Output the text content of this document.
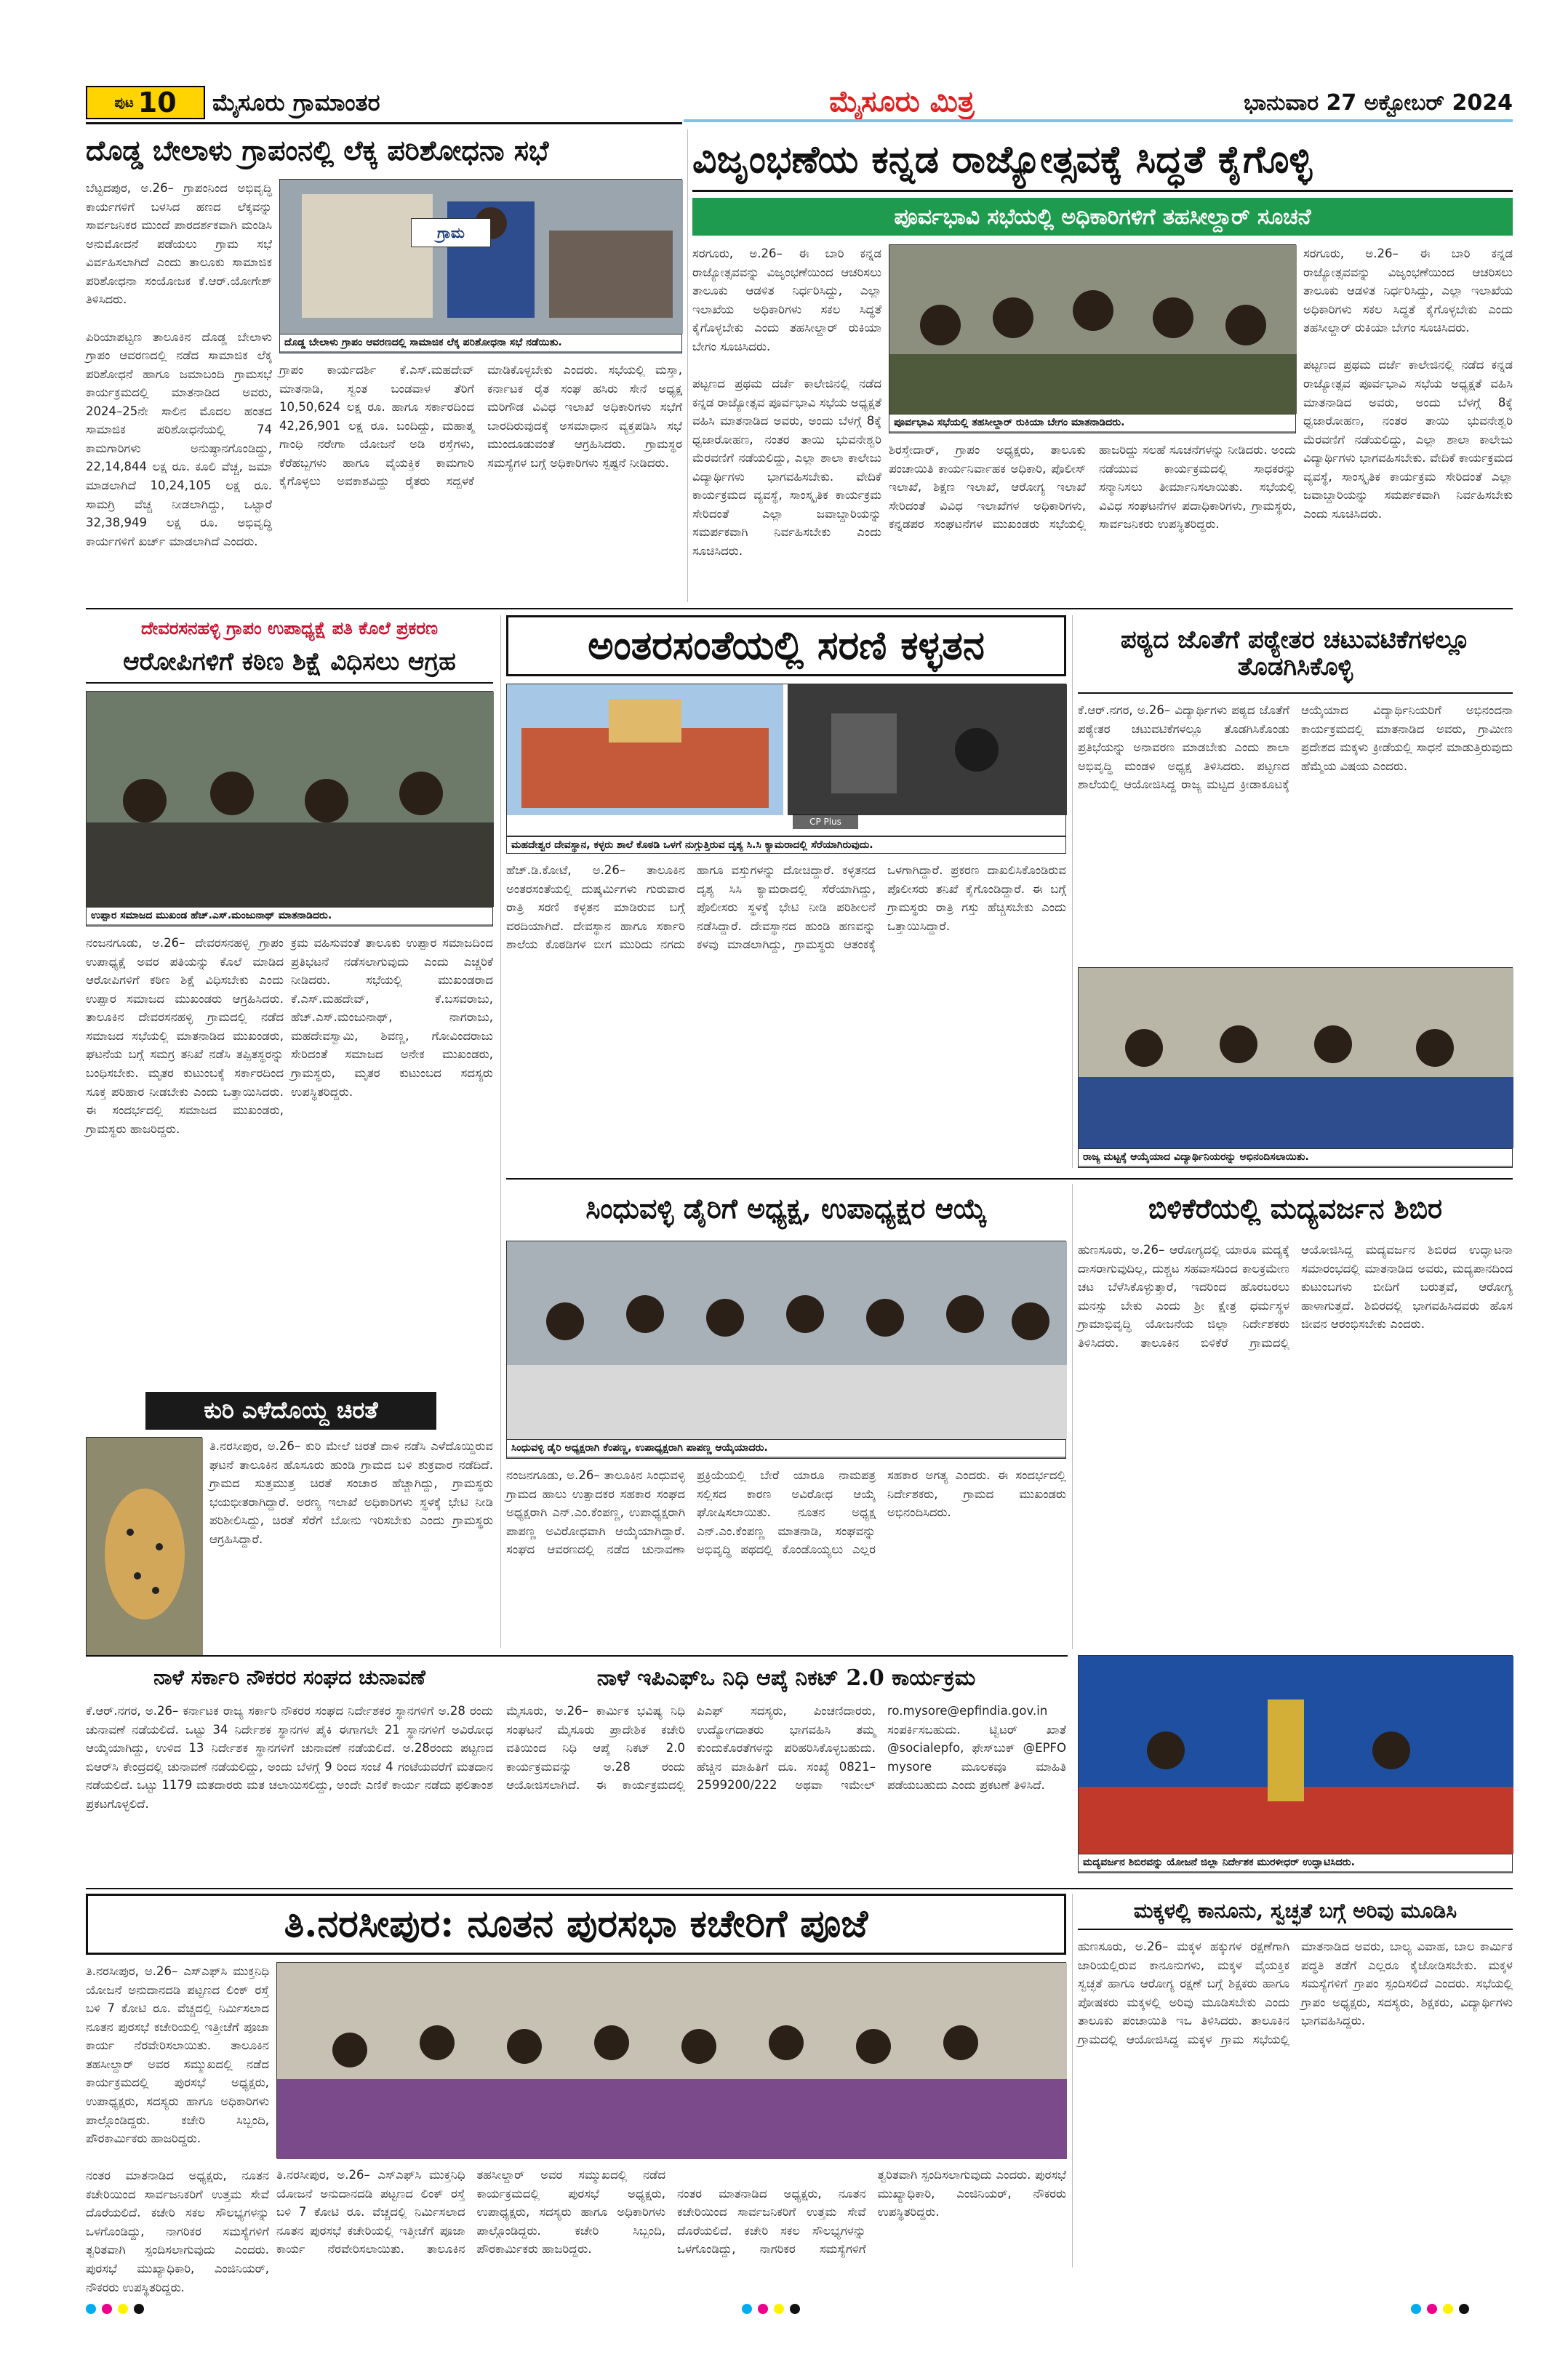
ಪುಟ 10 ಮೈಸೂರು ಗ್ರಾಮಾಂತರ	ಮೈಸೂರು ಮಿತ್ರ	ಭಾನುವಾರ 27 ಅಕ್ಟೋಬರ್ 2024
ದೊಡ್ಡ ಬೇಲಾಳು ಗ್ರಾಪಂನಲ್ಲಿ ಲೆಕ್ಕ ಪರಿಶೋಧನಾ ಸಭೆ
ಬೆಟ್ಟದಪುರ, ಅ.26– ಗ್ರಾಪಂನಿಂದ ಅಭಿವೃದ್ಧಿ ಕಾರ್ಯಗಳಿಗೆ ಬಳಸಿದ ಹಣದ ಲೆಕ್ಕವನ್ನು ಸಾರ್ವಜನಿಕರ ಮುಂದೆ ಪಾರದರ್ಶಕವಾಗಿ ಮಂಡಿಸಿ ಅನುಮೋದನೆ ಪಡೆಯಲು ಗ್ರಾಮ ಸಭೆ ವಿರ್ವಹಿಸಲಾಗಿದೆ ಎಂದು ತಾಲೂಕು ಸಾಮಾಜಿಕ ಪರಿಶೋಧನಾ ಸಂಯೋಜಕ ಕೆ.ಆರ್.ಯೋಗೇಶ್ ತಿಳಿಸಿದರು.

ಪಿರಿಯಾಪಟ್ಟಣ ತಾಲೂಕಿನ ದೊಡ್ಡ ಬೇಲಾಳು ಗ್ರಾಪಂ ಆವರಣದಲ್ಲಿ ನಡೆದ ಸಾಮಾಜಿಕ ಲೆಕ್ಕ ಪರಿಶೋಧನೆ ಹಾಗೂ ಜಮಾಬಂದಿ ಗ್ರಾಮಸಭೆ ಕಾರ್ಯಕ್ರಮದಲ್ಲಿ ಮಾತನಾಡಿದ ಅವರು, 2024–25ನೇ ಸಾಲಿನ ಮೊದಲ ಹಂತದ ಸಾಮಾಜಿಕ ಪರಿಶೋಧನೆಯಲ್ಲಿ 74 ಕಾಮಗಾರಿಗಳು ಅನುಷ್ಠಾನಗೊಂಡಿದ್ದು, 22,14,844 ಲಕ್ಷ ರೂ. ಕೂಲಿ ವೆಚ್ಚ, ಜಮಾ ಮಾಡಲಾಗಿದೆ 10,24,105 ಲಕ್ಷ ರೂ. ಸಾಮಗ್ರಿ ವೆಚ್ಚ ನೀಡಲಾಗಿದ್ದು, ಒಟ್ಟಾರೆ 32,38,949 ಲಕ್ಷ ರೂ. ಅಭಿವೃದ್ಧಿ ಕಾರ್ಯಗಳಿಗೆ ಖರ್ಚ್ ಮಾಡಲಾಗಿದೆ ಎಂದರು.
ದೊಡ್ಡ ಬೇಲಾಳು ಗ್ರಾಪಂ ಆವರಣದಲ್ಲಿ ಸಾಮಾಜಿಕ ಲೆಕ್ಕ ಪರಿಶೋಧನಾ ಸಭೆ ನಡೆಯಿತು.
ಗ್ರಾಮ
ಗ್ರಾಪಂ ಕಾರ್ಯದರ್ಶಿ ಕೆ.ಎಸ್.ಮಹದೇವ್ ಮಾತನಾಡಿ, ಸ್ವಂತ ಬಂಡವಾಳ ತೆರಿಗೆ 10,50,624 ಲಕ್ಷ ರೂ. ಹಾಗೂ ಸರ್ಕಾರದಿಂದ 42,26,901 ಲಕ್ಷ ರೂ. ಬಂದಿದ್ದು, ಮಹಾತ್ಮ ಗಾಂಧಿ ನರೇಗಾ ಯೋಜನೆ ಅಡಿ ರಸ್ತೆಗಳು, ಕೆರೆಹಬ್ಬಗಳು ಹಾಗೂ ವೈಯಕ್ತಿಕ ಕಾಮಗಾರಿ ಕೈಗೊಳ್ಳಲು ಅವಕಾಶವಿದ್ದು ರೈತರು ಸದ್ಬಳಕೆ ಮಾಡಿಕೊಳ್ಳಬೇಕು ಎಂದರು. ಸಭೆಯಲ್ಲಿ ಮಸ್ತಾ, ಕರ್ನಾಟಕ ರೈತ ಸಂಘ ಹಸಿರು ಸೇನೆ ಅಧ್ಯಕ್ಷ ಮರಿಗೌಡ ವಿವಿಧ ಇಲಾಖೆ ಅಧಿಕಾರಿಗಳು ಸಭೆಗೆ ಬಾರದಿರುವುದಕ್ಕೆ ಅಸಮಾಧಾನ ವ್ಯಕ್ತಪಡಿಸಿ ಸಭೆ ಮುಂದೂಡುವಂತೆ ಆಗ್ರಹಿಸಿದರು. ಗ್ರಾಮಸ್ಥರ ಸಮಸ್ಯೆಗಳ ಬಗ್ಗೆ ಅಧಿಕಾರಿಗಳು ಸ್ಪಷ್ಟನೆ ನೀಡಿದರು.
ವಿಜೃಂಭಣೆಯ ಕನ್ನಡ ರಾಜ್ಯೋತ್ಸವಕ್ಕೆ ಸಿದ್ಧತೆ ಕೈಗೊಳ್ಳಿ
ಪೂರ್ವಭಾವಿ ಸಭೆಯಲ್ಲಿ ಅಧಿಕಾರಿಗಳಿಗೆ ತಹಸೀಲ್ದಾರ್ ಸೂಚನೆ
ಸರಗೂರು, ಅ.26– ಈ ಬಾರಿ ಕನ್ನಡ ರಾಜ್ಯೋತ್ಸವವನ್ನು ವಿಜೃಂಭಣೆಯಿಂದ ಆಚರಿಸಲು ತಾಲೂಕು ಆಡಳಿತ ನಿರ್ಧರಿಸಿದ್ದು, ಎಲ್ಲಾ ಇಲಾಖೆಯ ಅಧಿಕಾರಿಗಳು ಸಕಲ ಸಿದ್ಧತೆ ಕೈಗೊಳ್ಳಬೇಕು ಎಂದು ತಹಸೀಲ್ದಾರ್ ರುಕಿಯಾ ಬೇಗಂ ಸೂಚಿಸಿದರು.

ಪಟ್ಟಣದ ಪ್ರಥಮ ದರ್ಜೆ ಕಾಲೇಜಿನಲ್ಲಿ ನಡೆದ ಕನ್ನಡ ರಾಜ್ಯೋತ್ಸವ ಪೂರ್ವಭಾವಿ ಸಭೆಯ ಅಧ್ಯಕ್ಷತೆ ವಹಿಸಿ ಮಾತನಾಡಿದ ಅವರು, ಅಂದು ಬೆಳಗ್ಗೆ 8ಕ್ಕೆ ಧ್ವಜಾರೋಹಣ, ನಂತರ ತಾಯಿ ಭುವನೇಶ್ವರಿ ಮೆರವಣಿಗೆ ನಡೆಯಲಿದ್ದು, ಎಲ್ಲಾ ಶಾಲಾ ಕಾಲೇಜು ವಿದ್ಯಾರ್ಥಿಗಳು ಭಾಗವಹಿಸಬೇಕು. ವೇದಿಕೆ ಕಾರ್ಯಕ್ರಮದ ವ್ಯವಸ್ಥೆ, ಸಾಂಸ್ಕೃತಿಕ ಕಾರ್ಯಕ್ರಮ ಸೇರಿದಂತೆ ಎಲ್ಲಾ ಜವಾಬ್ದಾರಿಯನ್ನು ಸಮರ್ಪಕವಾಗಿ ನಿರ್ವಹಿಸಬೇಕು ಎಂದು ಸೂಚಿಸಿದರು.
ಪೂರ್ವಭಾವಿ ಸಭೆಯಲ್ಲಿ ತಹಸೀಲ್ದಾರ್ ರುಕಿಯಾ ಬೇಗಂ ಮಾತನಾಡಿದರು.
ಶಿರಸ್ತೇದಾರ್, ಗ್ರಾಪಂ ಅಧ್ಯಕ್ಷರು, ತಾಲೂಕು ಪಂಚಾಯಿತಿ ಕಾರ್ಯನಿರ್ವಾಹಕ ಅಧಿಕಾರಿ, ಪೊಲೀಸ್ ಇಲಾಖೆ, ಶಿಕ್ಷಣ ಇಲಾಖೆ, ಆರೋಗ್ಯ ಇಲಾಖೆ ಸೇರಿದಂತೆ ವಿವಿಧ ಇಲಾಖೆಗಳ ಅಧಿಕಾರಿಗಳು, ಕನ್ನಡಪರ ಸಂಘಟನೆಗಳ ಮುಖಂಡರು ಸಭೆಯಲ್ಲಿ ಹಾಜರಿದ್ದು ಸಲಹೆ ಸೂಚನೆಗಳನ್ನು ನೀಡಿದರು. ಅಂದು ನಡೆಯುವ ಕಾರ್ಯಕ್ರಮದಲ್ಲಿ ಸಾಧಕರನ್ನು ಸನ್ಮಾನಿಸಲು ತೀರ್ಮಾನಿಸಲಾಯಿತು. ಸಭೆಯಲ್ಲಿ ವಿವಿಧ ಸಂಘಟನೆಗಳ ಪದಾಧಿಕಾರಿಗಳು, ಗ್ರಾಮಸ್ಥರು, ಸಾರ್ವಜನಿಕರು ಉಪಸ್ಥಿತರಿದ್ದರು.
ಸರಗೂರು, ಅ.26– ಈ ಬಾರಿ ಕನ್ನಡ ರಾಜ್ಯೋತ್ಸವವನ್ನು ವಿಜೃಂಭಣೆಯಿಂದ ಆಚರಿಸಲು ತಾಲೂಕು ಆಡಳಿತ ನಿರ್ಧರಿಸಿದ್ದು, ಎಲ್ಲಾ ಇಲಾಖೆಯ ಅಧಿಕಾರಿಗಳು ಸಕಲ ಸಿದ್ಧತೆ ಕೈಗೊಳ್ಳಬೇಕು ಎಂದು ತಹಸೀಲ್ದಾರ್ ರುಕಿಯಾ ಬೇಗಂ ಸೂಚಿಸಿದರು.

ಪಟ್ಟಣದ ಪ್ರಥಮ ದರ್ಜೆ ಕಾಲೇಜಿನಲ್ಲಿ ನಡೆದ ಕನ್ನಡ ರಾಜ್ಯೋತ್ಸವ ಪೂರ್ವಭಾವಿ ಸಭೆಯ ಅಧ್ಯಕ್ಷತೆ ವಹಿಸಿ ಮಾತನಾಡಿದ ಅವರು, ಅಂದು ಬೆಳಗ್ಗೆ 8ಕ್ಕೆ ಧ್ವಜಾರೋಹಣ, ನಂತರ ತಾಯಿ ಭುವನೇಶ್ವರಿ ಮೆರವಣಿಗೆ ನಡೆಯಲಿದ್ದು, ಎಲ್ಲಾ ಶಾಲಾ ಕಾಲೇಜು ವಿದ್ಯಾರ್ಥಿಗಳು ಭಾಗವಹಿಸಬೇಕು. ವೇದಿಕೆ ಕಾರ್ಯಕ್ರಮದ ವ್ಯವಸ್ಥೆ, ಸಾಂಸ್ಕೃತಿಕ ಕಾರ್ಯಕ್ರಮ ಸೇರಿದಂತೆ ಎಲ್ಲಾ ಜವಾಬ್ದಾರಿಯನ್ನು ಸಮರ್ಪಕವಾಗಿ ನಿರ್ವಹಿಸಬೇಕು ಎಂದು ಸೂಚಿಸಿದರು.
ದೇವರಸನಹಳ್ಳಿ ಗ್ರಾಪಂ ಉಪಾಧ್ಯಕ್ಷೆ ಪತಿ ಕೊಲೆ ಪ್ರಕರಣ
ಆರೋಪಿಗಳಿಗೆ ಕಠಿಣ ಶಿಕ್ಷೆ ವಿಧಿಸಲು ಆಗ್ರಹ
ಉಪ್ಪಾರ ಸಮಾಜದ ಮುಖಂಡ ಹೆಚ್.ಎಸ್.ಮಂಜುನಾಥ್ ಮಾತನಾಡಿದರು.
ನಂಜನಗೂಡು, ಅ.26– ದೇವರಸನಹಳ್ಳಿ ಗ್ರಾಪಂ ಉಪಾಧ್ಯಕ್ಷೆ ಅವರ ಪತಿಯನ್ನು ಕೊಲೆ ಮಾಡಿದ ಆರೋಪಿಗಳಿಗೆ ಕಠಿಣ ಶಿಕ್ಷೆ ವಿಧಿಸಬೇಕು ಎಂದು ಉಪ್ಪಾರ ಸಮಾಜದ ಮುಖಂಡರು ಆಗ್ರಹಿಸಿದರು. ತಾಲೂಕಿನ ದೇವರಸನಹಳ್ಳಿ ಗ್ರಾಮದಲ್ಲಿ ನಡೆದ ಸಮಾಜದ ಸಭೆಯಲ್ಲಿ ಮಾತನಾಡಿದ ಮುಖಂಡರು, ಘಟನೆಯ ಬಗ್ಗೆ ಸಮಗ್ರ ತನಿಖೆ ನಡೆಸಿ ತಪ್ಪಿತಸ್ಥರನ್ನು ಬಂಧಿಸಬೇಕು. ಮೃತರ ಕುಟುಂಬಕ್ಕೆ ಸರ್ಕಾರದಿಂದ ಸೂಕ್ತ ಪರಿಹಾರ ನೀಡಬೇಕು ಎಂದು ಒತ್ತಾಯಿಸಿದರು. ಈ ಸಂದರ್ಭದಲ್ಲಿ ಸಮಾಜದ ಮುಖಂಡರು, ಗ್ರಾಮಸ್ಥರು ಹಾಜರಿದ್ದರು.
ಕ್ರಮ ವಹಿಸುವಂತೆ ತಾಲೂಕು ಉಪ್ಪಾರ ಸಮಾಜದಿಂದ ಪ್ರತಿಭಟನೆ ನಡೆಸಲಾಗುವುದು ಎಂದು ಎಚ್ಚರಿಕೆ ನೀಡಿದರು. ಸಭೆಯಲ್ಲಿ ಮುಖಂಡರಾದ ಕೆ.ಎಸ್.ಮಹದೇವ್, ಕೆ.ಬಸವರಾಜು, ಹೆಚ್.ಎಸ್.ಮಂಜುನಾಥ್, ನಾಗರಾಜು, ಮಹದೇವಸ್ವಾಮಿ, ಶಿವಣ್ಣ, ಗೋವಿಂದರಾಜು ಸೇರಿದಂತೆ ಸಮಾಜದ ಅನೇಕ ಮುಖಂಡರು, ಗ್ರಾಮಸ್ಥರು, ಮೃತರ ಕುಟುಂಬದ ಸದಸ್ಯರು ಉಪಸ್ಥಿತರಿದ್ದರು.
ಅಂತರಸಂತೆಯಲ್ಲಿ ಸರಣಿ ಕಳ್ಳತನ
CP Plus
ಮಹದೇಶ್ವರ ದೇವಸ್ಥಾನ, ಕಳ್ಳರು ಶಾಲೆ ಕೊಠಡಿ ಒಳಗೆ ನುಗ್ಗುತ್ತಿರುವ ದೃಶ್ಯ ಸಿ.ಸಿ ಕ್ಯಾಮರಾದಲ್ಲಿ ಸೆರೆಯಾಗಿರುವುದು.
ಹೆಚ್.ಡಿ.ಕೋಟೆ, ಅ.26– ತಾಲೂಕಿನ ಅಂತರಸಂತೆಯಲ್ಲಿ ದುಷ್ಕರ್ಮಿಗಳು ಗುರುವಾರ ರಾತ್ರಿ ಸರಣಿ ಕಳ್ಳತನ ಮಾಡಿರುವ ಬಗ್ಗೆ ವರದಿಯಾಗಿದೆ. ದೇವಸ್ಥಾನ ಹಾಗೂ ಸರ್ಕಾರಿ ಶಾಲೆಯ ಕೊಠಡಿಗಳ ಬೀಗ ಮುರಿದು ನಗದು ಹಾಗೂ ವಸ್ತುಗಳನ್ನು ದೋಚಿದ್ದಾರೆ. ಕಳ್ಳತನದ ದೃಶ್ಯ ಸಿಸಿ ಕ್ಯಾಮರಾದಲ್ಲಿ ಸೆರೆಯಾಗಿದ್ದು, ಪೊಲೀಸರು ಸ್ಥಳಕ್ಕೆ ಭೇಟಿ ನೀಡಿ ಪರಿಶೀಲನೆ ನಡೆಸಿದ್ದಾರೆ. ದೇವಸ್ಥಾನದ ಹುಂಡಿ ಹಣವನ್ನು ಕಳವು ಮಾಡಲಾಗಿದ್ದು, ಗ್ರಾಮಸ್ಥರು ಆತಂಕಕ್ಕೆ ಒಳಗಾಗಿದ್ದಾರೆ. ಪ್ರಕರಣ ದಾಖಲಿಸಿಕೊಂಡಿರುವ ಪೊಲೀಸರು ತನಿಖೆ ಕೈಗೊಂಡಿದ್ದಾರೆ. ಈ ಬಗ್ಗೆ ಗ್ರಾಮಸ್ಥರು ರಾತ್ರಿ ಗಸ್ತು ಹೆಚ್ಚಿಸಬೇಕು ಎಂದು ಒತ್ತಾಯಿಸಿದ್ದಾರೆ.
ಪಠ್ಯದ ಜೊತೆಗೆ ಪಠ್ಯೇತರ ಚಟುವಟಿಕೆಗಳಲ್ಲೂ ತೊಡಗಿಸಿಕೊಳ್ಳಿ
ಕೆ.ಆರ್.ನಗರ, ಅ.26– ವಿದ್ಯಾರ್ಥಿಗಳು ಪಠ್ಯದ ಜೊತೆಗೆ ಪಠ್ಯೇತರ ಚಟುವಟಿಕೆಗಳಲ್ಲೂ ತೊಡಗಿಸಿಕೊಂಡು ಪ್ರತಿಭೆಯನ್ನು ಅನಾವರಣ ಮಾಡಬೇಕು ಎಂದು ಶಾಲಾ ಅಭಿವೃದ್ಧಿ ಮಂಡಳಿ ಅಧ್ಯಕ್ಷ ತಿಳಿಸಿದರು. ಪಟ್ಟಣದ ಶಾಲೆಯಲ್ಲಿ ಆಯೋಜಿಸಿದ್ದ ರಾಜ್ಯ ಮಟ್ಟದ ಕ್ರೀಡಾಕೂಟಕ್ಕೆ ಆಯ್ಕೆಯಾದ ವಿದ್ಯಾರ್ಥಿನಿಯರಿಗೆ ಅಭಿನಂದನಾ ಕಾರ್ಯಕ್ರಮದಲ್ಲಿ ಮಾತನಾಡಿದ ಅವರು, ಗ್ರಾಮೀಣ ಪ್ರದೇಶದ ಮಕ್ಕಳು ಕ್ರೀಡೆಯಲ್ಲಿ ಸಾಧನೆ ಮಾಡುತ್ತಿರುವುದು ಹೆಮ್ಮೆಯ ವಿಷಯ ಎಂದರು.
ರಾಜ್ಯ ಮಟ್ಟಕ್ಕೆ ಆಯ್ಕೆಯಾದ ವಿದ್ಯಾರ್ಥಿನಿಯರನ್ನು ಅಭಿನಂದಿಸಲಾಯಿತು.
ಸಿಂಧುವಳ್ಳಿ ಡೈರಿಗೆ ಅಧ್ಯಕ್ಷ, ಉಪಾಧ್ಯಕ್ಷರ ಆಯ್ಕೆ
ಸಿಂಧುವಳ್ಳಿ ಡೈರಿ ಅಧ್ಯಕ್ಷರಾಗಿ ಕೆಂಪಣ್ಣ, ಉಪಾಧ್ಯಕ್ಷರಾಗಿ ಪಾಪಣ್ಣ ಆಯ್ಕೆಯಾದರು.
ನಂಜನಗೂಡು, ಅ.26– ತಾಲೂಕಿನ ಸಿಂಧುವಳ್ಳಿ ಗ್ರಾಮದ ಹಾಲು ಉತ್ಪಾದಕರ ಸಹಕಾರ ಸಂಘದ ಅಧ್ಯಕ್ಷರಾಗಿ ಎನ್.ಎಂ.ಕೆಂಪಣ್ಣ, ಉಪಾಧ್ಯಕ್ಷರಾಗಿ ಪಾಪಣ್ಣ ಅವಿರೋಧವಾಗಿ ಆಯ್ಕೆಯಾಗಿದ್ದಾರೆ. ಸಂಘದ ಆವರಣದಲ್ಲಿ ನಡೆದ ಚುನಾವಣಾ ಪ್ರಕ್ರಿಯೆಯಲ್ಲಿ ಬೇರೆ ಯಾರೂ ನಾಮಪತ್ರ ಸಲ್ಲಿಸದ ಕಾರಣ ಅವಿರೋಧ ಆಯ್ಕೆ ಘೋಷಿಸಲಾಯಿತು. ನೂತನ ಅಧ್ಯಕ್ಷ ಎನ್.ಎಂ.ಕೆಂಪಣ್ಣ ಮಾತನಾಡಿ, ಸಂಘವನ್ನು ಅಭಿವೃದ್ಧಿ ಪಥದಲ್ಲಿ ಕೊಂಡೊಯ್ಯಲು ಎಲ್ಲರ ಸಹಕಾರ ಅಗತ್ಯ ಎಂದರು. ಈ ಸಂದರ್ಭದಲ್ಲಿ ನಿರ್ದೇಶಕರು, ಗ್ರಾಮದ ಮುಖಂಡರು ಅಭಿನಂದಿಸಿದರು.
ಬಿಳಿಕೆರೆಯಲ್ಲಿ ಮದ್ಯವರ್ಜನ ಶಿಬಿರ
ಹುಣಸೂರು, ಅ.26– ಆರೋಗ್ಯದಲ್ಲಿ ಯಾರೂ ಮದ್ಯಕ್ಕೆ ದಾಸರಾಗುವುದಿಲ್ಲ, ದುಶ್ಚಟ ಸಹವಾಸದಿಂದ ಕಾಲಕ್ರಮೇಣ ಚಟ ಬೆಳೆಸಿಕೊಳ್ಳುತ್ತಾರೆ, ಇದರಿಂದ ಹೊರಬರಲು ಮನಸ್ಸು ಬೇಕು ಎಂದು ಶ್ರೀ ಕ್ಷೇತ್ರ ಧರ್ಮಸ್ಥಳ ಗ್ರಾಮಾಭಿವೃದ್ಧಿ ಯೋಜನೆಯ ಜಿಲ್ಲಾ ನಿರ್ದೇಶಕರು ತಿಳಿಸಿದರು. ತಾಲೂಕಿನ ಬಿಳಿಕೆರೆ ಗ್ರಾಮದಲ್ಲಿ ಆಯೋಜಿಸಿದ್ದ ಮದ್ಯವರ್ಜನ ಶಿಬಿರದ ಉದ್ಘಾಟನಾ ಸಮಾರಂಭದಲ್ಲಿ ಮಾತನಾಡಿದ ಅವರು, ಮದ್ಯಪಾನದಿಂದ ಕುಟುಂಬಗಳು ಬೀದಿಗೆ ಬರುತ್ತವೆ, ಆರೋಗ್ಯ ಹಾಳಾಗುತ್ತದೆ. ಶಿಬಿರದಲ್ಲಿ ಭಾಗವಹಿಸಿದವರು ಹೊಸ ಜೀವನ ಆರಂಭಿಸಬೇಕು ಎಂದರು.
ಕುರಿ ಎಳೆದೊಯ್ದ ಚಿರತೆ
ತಿ.ನರಸೀಪುರ, ಅ.26– ಕುರಿ ಮೇಲೆ ಚಿರತೆ ದಾಳಿ ನಡೆಸಿ ಎಳೆದೊಯ್ದಿರುವ ಘಟನೆ ತಾಲೂಕಿನ ಹೊಸೂರು ಹುಂಡಿ ಗ್ರಾಮದ ಬಳಿ ಶುಕ್ರವಾರ ನಡೆದಿದೆ. ಗ್ರಾಮದ ಸುತ್ತಮುತ್ತ ಚಿರತೆ ಸಂಚಾರ ಹೆಚ್ಚಾಗಿದ್ದು, ಗ್ರಾಮಸ್ಥರು ಭಯಭೀತರಾಗಿದ್ದಾರೆ. ಅರಣ್ಯ ಇಲಾಖೆ ಅಧಿಕಾರಿಗಳು ಸ್ಥಳಕ್ಕೆ ಭೇಟಿ ನೀಡಿ ಪರಿಶೀಲಿಸಿದ್ದು, ಚಿರತೆ ಸೆರೆಗೆ ಬೋನು ಇರಿಸಬೇಕು ಎಂದು ಗ್ರಾಮಸ್ಥರು ಆಗ್ರಹಿಸಿದ್ದಾರೆ.
ನಾಳೆ ಸರ್ಕಾರಿ ನೌಕರರ ಸಂಘದ ಚುನಾವಣೆ
ಕೆ.ಆರ್.ನಗರ, ಅ.26– ಕರ್ನಾಟಕ ರಾಜ್ಯ ಸರ್ಕಾರಿ ನೌಕರರ ಸಂಘದ ನಿರ್ದೇಶಕರ ಸ್ಥಾನಗಳಿಗೆ ಅ.28 ರಂದು ಚುನಾವಣೆ ನಡೆಯಲಿದೆ. ಒಟ್ಟು 34 ನಿರ್ದೇಶಕ ಸ್ಥಾನಗಳ ಪೈಕಿ ಈಗಾಗಲೇ 21 ಸ್ಥಾನಗಳಿಗೆ ಅವಿರೋಧ ಆಯ್ಕೆಯಾಗಿದ್ದು, ಉಳಿದ 13 ನಿರ್ದೇಶಕ ಸ್ಥಾನಗಳಿಗೆ ಚುನಾವಣೆ ನಡೆಯಲಿದೆ. ಅ.28ರಂದು ಪಟ್ಟಣದ ಬಿಆರ್‌ಸಿ ಕೇಂದ್ರದಲ್ಲಿ ಚುನಾವಣೆ ನಡೆಯಲಿದ್ದು, ಅಂದು ಬೆಳಗ್ಗೆ 9 ರಿಂದ ಸಂಜೆ 4 ಗಂಟೆಯವರೆಗೆ ಮತದಾನ ನಡೆಯಲಿದೆ. ಒಟ್ಟು 1179 ಮತದಾರರು ಮತ ಚಲಾಯಿಸಲಿದ್ದು, ಅಂದೇ ಎಣಿಕೆ ಕಾರ್ಯ ನಡೆದು ಫಲಿತಾಂಶ ಪ್ರಕಟಗೊಳ್ಳಲಿದೆ.
ನಾಳೆ ಇಪಿಎಫ್‌ಒ ನಿಧಿ ಆಪ್ಕೆ ನಿಕಟ್ 2.0 ಕಾರ್ಯಕ್ರಮ
ಮೈಸೂರು, ಅ.26– ಕಾರ್ಮಿಕ ಭವಿಷ್ಯ ನಿಧಿ ಸಂಘಟನೆ ಮೈಸೂರು ಪ್ರಾದೇಶಿಕ ಕಚೇರಿ ವತಿಯಿಂದ ನಿಧಿ ಆಪ್ಕೆ ನಿಕಟ್ 2.0 ಕಾರ್ಯಕ್ರಮವನ್ನು ಅ.28 ರಂದು ಆಯೋಜಿಸಲಾಗಿದೆ. ಈ ಕಾರ್ಯಕ್ರಮದಲ್ಲಿ ಪಿಎಫ್ ಸದಸ್ಯರು, ಪಿಂಚಣಿದಾರರು, ಉದ್ಯೋಗದಾತರು ಭಾಗವಹಿಸಿ ತಮ್ಮ ಕುಂದುಕೊರತೆಗಳನ್ನು ಪರಿಹರಿಸಿಕೊಳ್ಳಬಹುದು. ಹೆಚ್ಚಿನ ಮಾಹಿತಿಗೆ ದೂ. ಸಂಖ್ಯೆ 0821–2599200/222 ಅಥವಾ ಇಮೇಲ್ ro.mysore@epfindia.gov.in ಸಂಪರ್ಕಿಸಬಹುದು. ಟ್ವಿಟರ್ ಖಾತೆ @socialepfo, ಫೇಸ್‌ಬುಕ್ @EPFO mysore ಮೂಲಕವೂ ಮಾಹಿತಿ ಪಡೆಯಬಹುದು ಎಂದು ಪ್ರಕಟಣೆ ತಿಳಿಸಿದೆ.
ಮದ್ಯವರ್ಜನ ಶಿಬಿರವನ್ನು ಯೋಜನೆ ಜಿಲ್ಲಾ ನಿರ್ದೇಶಕ ಮುರಳೀಧರ್ ಉದ್ಘಾಟಿಸಿದರು.
ತಿ.ನರಸೀಪುರ: ನೂತನ ಪುರಸಭಾ ಕಚೇರಿಗೆ ಪೂಜೆ
ತಿ.ನರಸೀಪುರ, ಅ.26– ಎಸ್‌ಎಫ್‌ಸಿ ಮುಕ್ತನಿಧಿ ಯೋಜನೆ ಅನುದಾನದಡಿ ಪಟ್ಟಣದ ಲಿಂಕ್ ರಸ್ತೆ ಬಳಿ 7 ಕೋಟಿ ರೂ. ವೆಚ್ಚದಲ್ಲಿ ನಿರ್ಮಿಸಲಾದ ನೂತನ ಪುರಸಭೆ ಕಚೇರಿಯಲ್ಲಿ ಇತ್ತೀಚೆಗೆ ಪೂಜಾ ಕಾರ್ಯ ನೆರವೇರಿಸಲಾಯಿತು. ತಾಲೂಕಿನ ತಹಸೀಲ್ದಾರ್ ಅವರ ಸಮ್ಮುಖದಲ್ಲಿ ನಡೆದ ಕಾರ್ಯಕ್ರಮದಲ್ಲಿ ಪುರಸಭೆ ಅಧ್ಯಕ್ಷರು, ಉಪಾಧ್ಯಕ್ಷರು, ಸದಸ್ಯರು ಹಾಗೂ ಅಧಿಕಾರಿಗಳು ಪಾಲ್ಗೊಂಡಿದ್ದರು. ಕಚೇರಿ ಸಿಬ್ಬಂದಿ, ಪೌರಕಾರ್ಮಿಕರು ಹಾಜರಿದ್ದರು.

ನಂತರ ಮಾತನಾಡಿದ ಅಧ್ಯಕ್ಷರು, ನೂತನ ಕಚೇರಿಯಿಂದ ಸಾರ್ವಜನಿಕರಿಗೆ ಉತ್ತಮ ಸೇವೆ ದೊರೆಯಲಿದೆ. ಕಚೇರಿ ಸಕಲ ಸೌಲಭ್ಯಗಳನ್ನು ಒಳಗೊಂಡಿದ್ದು, ನಾಗರಿಕರ ಸಮಸ್ಯೆಗಳಿಗೆ ತ್ವರಿತವಾಗಿ ಸ್ಪಂದಿಸಲಾಗುವುದು ಎಂದರು. ಪುರಸಭೆ ಮುಖ್ಯಾಧಿಕಾರಿ, ಎಂಜಿನಿಯರ್, ನೌಕರರು ಉಪಸ್ಥಿತರಿದ್ದರು.
ತಿ.ನರಸೀಪುರ, ಅ.26– ಎಸ್‌ಎಫ್‌ಸಿ ಮುಕ್ತನಿಧಿ ಯೋಜನೆ ಅನುದಾನದಡಿ ಪಟ್ಟಣದ ಲಿಂಕ್ ರಸ್ತೆ ಬಳಿ 7 ಕೋಟಿ ರೂ. ವೆಚ್ಚದಲ್ಲಿ ನಿರ್ಮಿಸಲಾದ ನೂತನ ಪುರಸಭೆ ಕಚೇರಿಯಲ್ಲಿ ಇತ್ತೀಚೆಗೆ ಪೂಜಾ ಕಾರ್ಯ ನೆರವೇರಿಸಲಾಯಿತು. ತಾಲೂಕಿನ ತಹಸೀಲ್ದಾರ್ ಅವರ ಸಮ್ಮುಖದಲ್ಲಿ ನಡೆದ ಕಾರ್ಯಕ್ರಮದಲ್ಲಿ ಪುರಸಭೆ ಅಧ್ಯಕ್ಷರು, ಉಪಾಧ್ಯಕ್ಷರು, ಸದಸ್ಯರು ಹಾಗೂ ಅಧಿಕಾರಿಗಳು ಪಾಲ್ಗೊಂಡಿದ್ದರು. ಕಚೇರಿ ಸಿಬ್ಬಂದಿ, ಪೌರಕಾರ್ಮಿಕರು ಹಾಜರಿದ್ದರು.

ನಂತರ ಮಾತನಾಡಿದ ಅಧ್ಯಕ್ಷರು, ನೂತನ ಕಚೇರಿಯಿಂದ ಸಾರ್ವಜನಿಕರಿಗೆ ಉತ್ತಮ ಸೇವೆ ದೊರೆಯಲಿದೆ. ಕಚೇರಿ ಸಕಲ ಸೌಲಭ್ಯಗಳನ್ನು ಒಳಗೊಂಡಿದ್ದು, ನಾಗರಿಕರ ಸಮಸ್ಯೆಗಳಿಗೆ ತ್ವರಿತವಾಗಿ ಸ್ಪಂದಿಸಲಾಗುವುದು ಎಂದರು. ಪುರಸಭೆ ಮುಖ್ಯಾಧಿಕಾರಿ, ಎಂಜಿನಿಯರ್, ನೌಕರರು ಉಪಸ್ಥಿತರಿದ್ದರು.
ಮಕ್ಕಳಲ್ಲಿ ಕಾನೂನು, ಸ್ವಚ್ಛತೆ ಬಗ್ಗೆ ಅರಿವು ಮೂಡಿಸಿ
ಹುಣಸೂರು, ಅ.26– ಮಕ್ಕಳ ಹಕ್ಕುಗಳ ರಕ್ಷಣೆಗಾಗಿ ಜಾರಿಯಲ್ಲಿರುವ ಕಾನೂನುಗಳು, ಮಕ್ಕಳ ವೈಯಕ್ತಿಕ ಸ್ವಚ್ಛತೆ ಹಾಗೂ ಆರೋಗ್ಯ ರಕ್ಷಣೆ ಬಗ್ಗೆ ಶಿಕ್ಷಕರು ಹಾಗೂ ಪೋಷಕರು ಮಕ್ಕಳಲ್ಲಿ ಅರಿವು ಮೂಡಿಸಬೇಕು ಎಂದು ತಾಲೂಕು ಪಂಚಾಯಿತಿ ಇಒ ತಿಳಿಸಿದರು. ತಾಲೂಕಿನ ಗ್ರಾಮದಲ್ಲಿ ಆಯೋಜಿಸಿದ್ದ ಮಕ್ಕಳ ಗ್ರಾಮ ಸಭೆಯಲ್ಲಿ ಮಾತನಾಡಿದ ಅವರು, ಬಾಲ್ಯ ವಿವಾಹ, ಬಾಲ ಕಾರ್ಮಿಕ ಪದ್ಧತಿ ತಡೆಗೆ ಎಲ್ಲರೂ ಕೈಜೋಡಿಸಬೇಕು. ಮಕ್ಕಳ ಸಮಸ್ಯೆಗಳಿಗೆ ಗ್ರಾಪಂ ಸ್ಪಂದಿಸಲಿದೆ ಎಂದರು. ಸಭೆಯಲ್ಲಿ ಗ್ರಾಪಂ ಅಧ್ಯಕ್ಷರು, ಸದಸ್ಯರು, ಶಿಕ್ಷಕರು, ವಿದ್ಯಾರ್ಥಿಗಳು ಭಾಗವಹಿಸಿದ್ದರು.
